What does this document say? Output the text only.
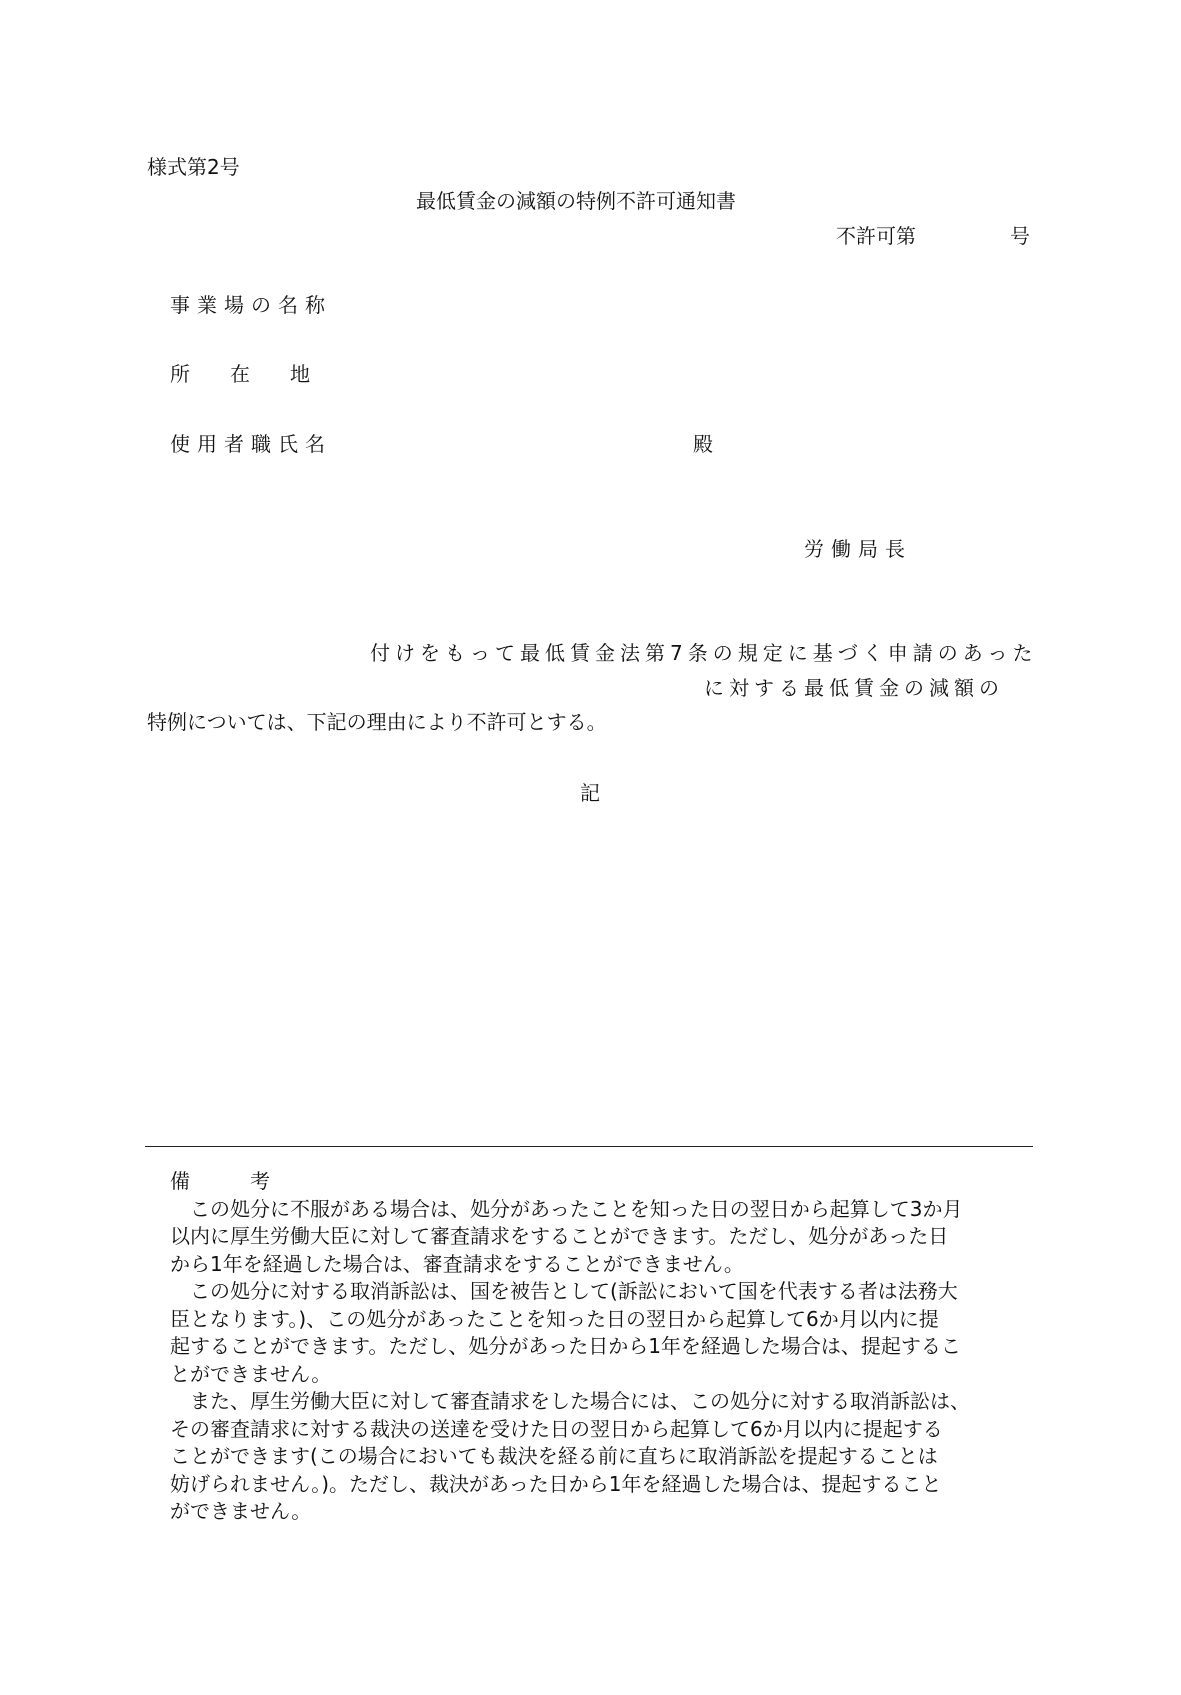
様式第2号

最低賃金の減額の特例不許可通知書

不許可第	号

事業場の名称

所　　在　　地

使用者職氏名	殿

労働局長

付けをもって最低賃金法第7条の規定に基づく申請のあった

に対する最低賃金の減額の

特例については、下記の理由により不許可とする。

記

備　　　考

　この処分に不服がある場合は、処分があったことを知った日の翌日から起算して3か月

以内に厚生労働大臣に対して審査請求をすることができます。ただし、処分があった日

から1年を経過した場合は、審査請求をすることができません。

　この処分に対する取消訴訟は、国を被告として(訴訟において国を代表する者は法務大

臣となります。)、この処分があったことを知った日の翌日から起算して6か月以内に提

起することができます。ただし、処分があった日から1年を経過した場合は、提起するこ

とができません。

　また、厚生労働大臣に対して審査請求をした場合には、この処分に対する取消訴訟は、

その審査請求に対する裁決の送達を受けた日の翌日から起算して6か月以内に提起する

ことができます(この場合においても裁決を経る前に直ちに取消訴訟を提起することは

妨げられません。)。ただし、裁決があった日から1年を経過した場合は、提起すること

ができません。
